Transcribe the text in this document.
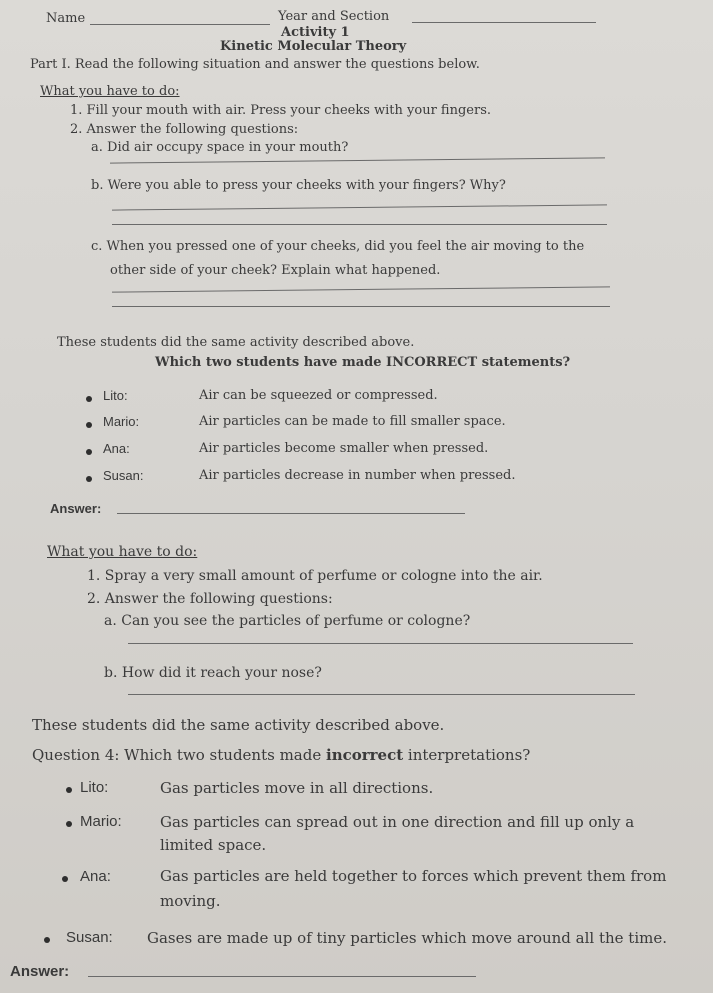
Name	Year and Section
Activity 1
Kinetic Molecular Theory
Part I. Read the following situation and answer the questions below.
What you have to do:
1. Fill your mouth with air. Press your cheeks with your fingers.
2. Answer the following questions:
a. Did air occupy space in your mouth?
b. Were you able to press your cheeks with your fingers? Why?
c. When you pressed one of your cheeks, did you feel the air moving to the
other side of your cheek? Explain what happened.
These students did the same activity described above.
Which two students have made INCORRECT statements?
Lito:	Air can be squeezed or compressed.
Mario:	Air particles can be made to fill smaller space.
Ana:	Air particles become smaller when pressed.
Susan:	Air particles decrease in number when pressed.
Answer:
What you have to do:
1. Spray a very small amount of perfume or cologne into the air.
2. Answer the following questions:
a. Can you see the particles of perfume or cologne?
b. How did it reach your nose?
These students did the same activity described above.
Question 4: Which two students made incorrect interpretations?
Lito:	Gas particles move in all directions.
Mario:	Gas particles can spread out in one direction and fill up only a
limited space.
Ana:	Gas particles are held together to forces which prevent them from
moving.
Susan: Gases are made up of tiny particles which move around all the time.
Answer:
